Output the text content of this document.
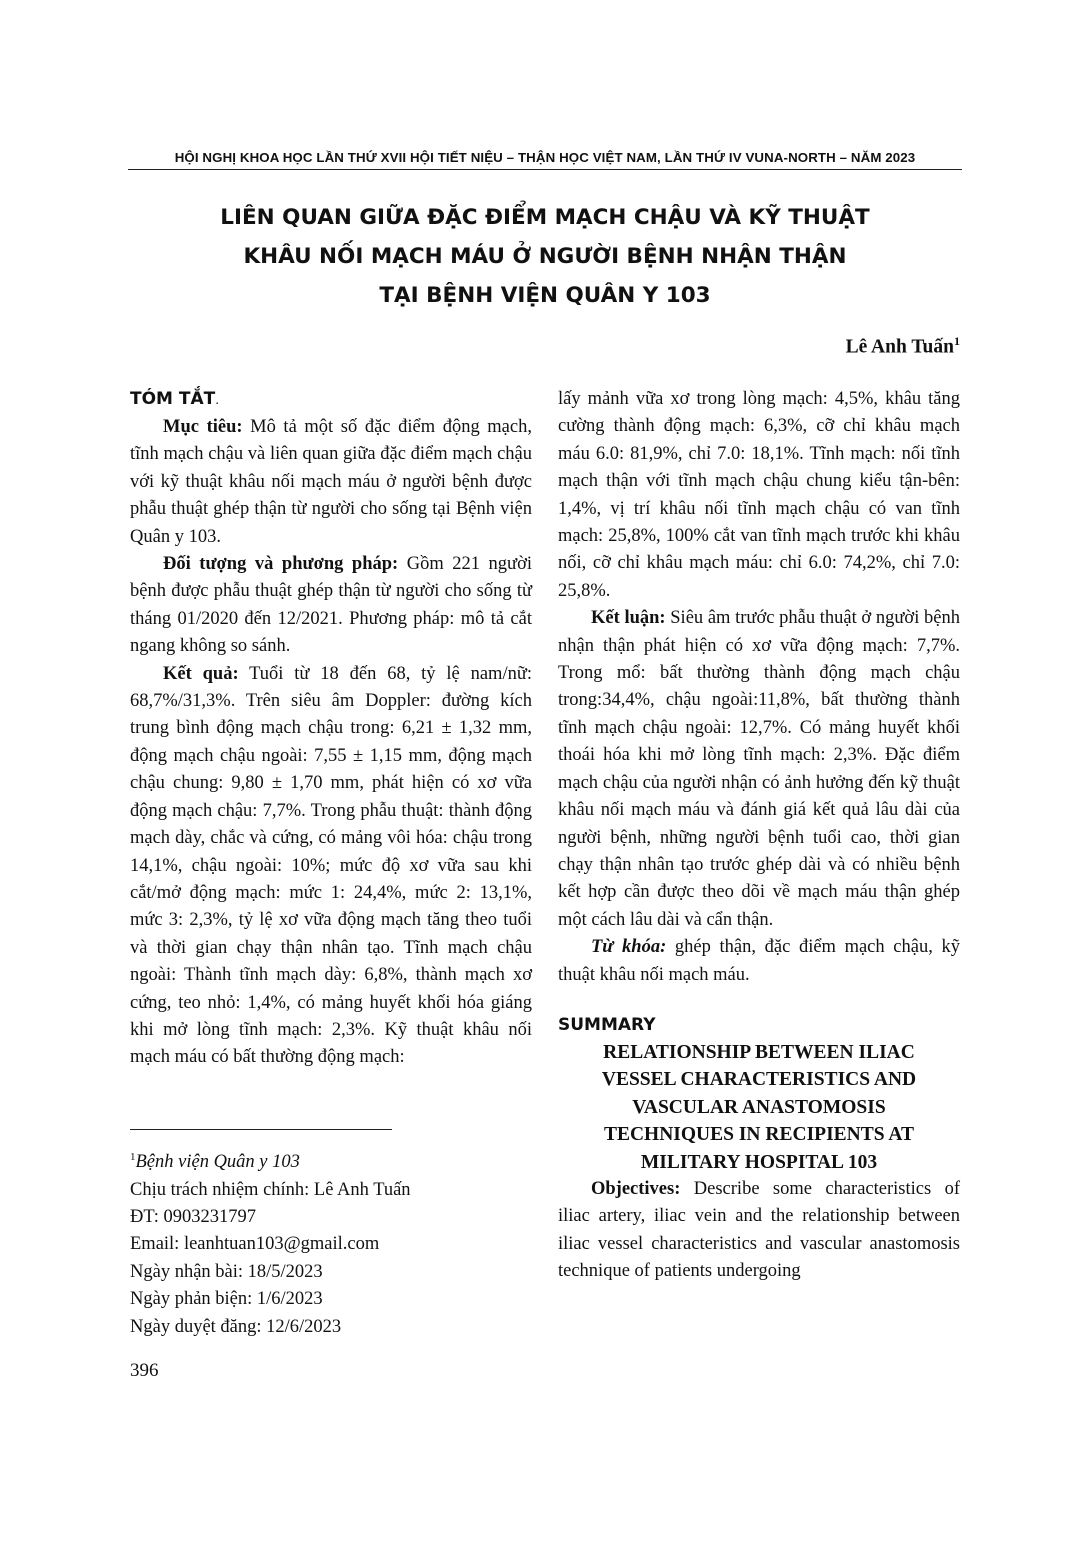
HỘI NGHỊ KHOA HỌC LẦN THỨ XVII HỘI TIẾT NIỆU – THẬN HỌC VIỆT NAM, LẦN THỨ IV VUNA-NORTH – NĂM 2023
LIÊN QUAN GIỮA ĐẶC ĐIỂM MẠCH CHẬU VÀ KỸ THUẬT
KHÂU NỐI MẠCH MÁU Ở NGƯỜI BỆNH NHẬN THẬN
TẠI BỆNH VIỆN QUÂN Y 103
Lê Anh Tuấn$^1$
TÓM TẮT.

Mục tiêu: Mô tả một số đặc điểm động mạch, tĩnh mạch chậu và liên quan giữa đặc điểm mạch chậu với kỹ thuật khâu nối mạch máu ở người bệnh được phẫu thuật ghép thận từ người cho sống tại Bệnh viện Quân y 103.

Đối tượng và phương pháp: Gồm 221 người bệnh được phẫu thuật ghép thận từ người cho sống từ tháng 01/2020 đến 12/2021. Phương pháp: mô tả cắt ngang không so sánh.

Kết quả: Tuổi từ 18 đến 68, tỷ lệ nam/nữ: 68,7%/31,3%. Trên siêu âm Doppler: đường kích trung bình động mạch chậu trong: 6,21 ± 1,32 mm, động mạch chậu ngoài: 7,55 ± 1,15 mm, động mạch chậu chung: 9,80 ± 1,70 mm, phát hiện có xơ vữa động mạch chậu: 7,7%. Trong phẫu thuật: thành động mạch dày, chắc và cứng, có mảng vôi hóa: chậu trong 14,1%, chậu ngoài: 10%; mức độ xơ vữa sau khi cắt/mở động mạch: mức 1: 24,4%, mức 2: 13,1%, mức 3: 2,3%, tỷ lệ xơ vữa động mạch tăng theo tuổi và thời gian chạy thận nhân tạo. Tĩnh mạch chậu ngoài: Thành tĩnh mạch dày: 6,8%, thành mạch xơ cứng, teo nhỏ: 1,4%, có mảng huyết khối hóa giáng khi mở lòng tĩnh mạch: 2,3%. Kỹ thuật khâu nối mạch máu có bất thường động mạch:

$^1$Bệnh viện Quân y 103
Chịu trách nhiệm chính: Lê Anh Tuấn
ĐT: 0903231797
Email: leanhtuan103@gmail.com
Ngày nhận bài: 18/5/2023
Ngày phản biện: 1/6/2023
Ngày duyệt đăng: 12/6/2023

lấy mảnh vữa xơ trong lòng mạch: 4,5%, khâu tăng cường thành động mạch: 6,3%, cỡ chỉ khâu mạch máu 6.0: 81,9%, chỉ 7.0: 18,1%. Tĩnh mạch: nối tĩnh mạch thận với tĩnh mạch chậu chung kiểu tận-bên: 1,4%, vị trí khâu nối tĩnh mạch chậu có van tĩnh mạch: 25,8%, 100% cắt van tĩnh mạch trước khi khâu nối, cỡ chỉ khâu mạch máu: chỉ 6.0: 74,2%, chỉ 7.0: 25,8%.

Kết luận: Siêu âm trước phẫu thuật ở người bệnh nhận thận phát hiện có xơ vữa động mạch: 7,7%. Trong mổ: bất thường thành động mạch chậu trong:34,4%, chậu ngoài:11,8%, bất thường thành tĩnh mạch chậu ngoài: 12,7%. Có mảng huyết khối thoái hóa khi mở lòng tĩnh mạch: 2,3%. Đặc điểm mạch chậu của người nhận có ảnh hưởng đến kỹ thuật khâu nối mạch máu và đánh giá kết quả lâu dài của người bệnh, những người bệnh tuổi cao, thời gian chạy thận nhân tạo trước ghép dài và có nhiều bệnh kết hợp cần được theo dõi về mạch máu thận ghép một cách lâu dài và cẩn thận.

Từ khóa: ghép thận, đặc điểm mạch chậu, kỹ thuật khâu nối mạch máu.

SUMMARY
RELATIONSHIP BETWEEN ILIAC
VESSEL CHARACTERISTICS AND
VASCULAR ANASTOMOSIS
TECHNIQUES IN RECIPIENTS AT
MILITARY HOSPITAL 103

Objectives: Describe some characteristics of iliac artery, iliac vein and the relationship between iliac vessel characteristics and vascular anastomosis technique of patients undergoing

396
